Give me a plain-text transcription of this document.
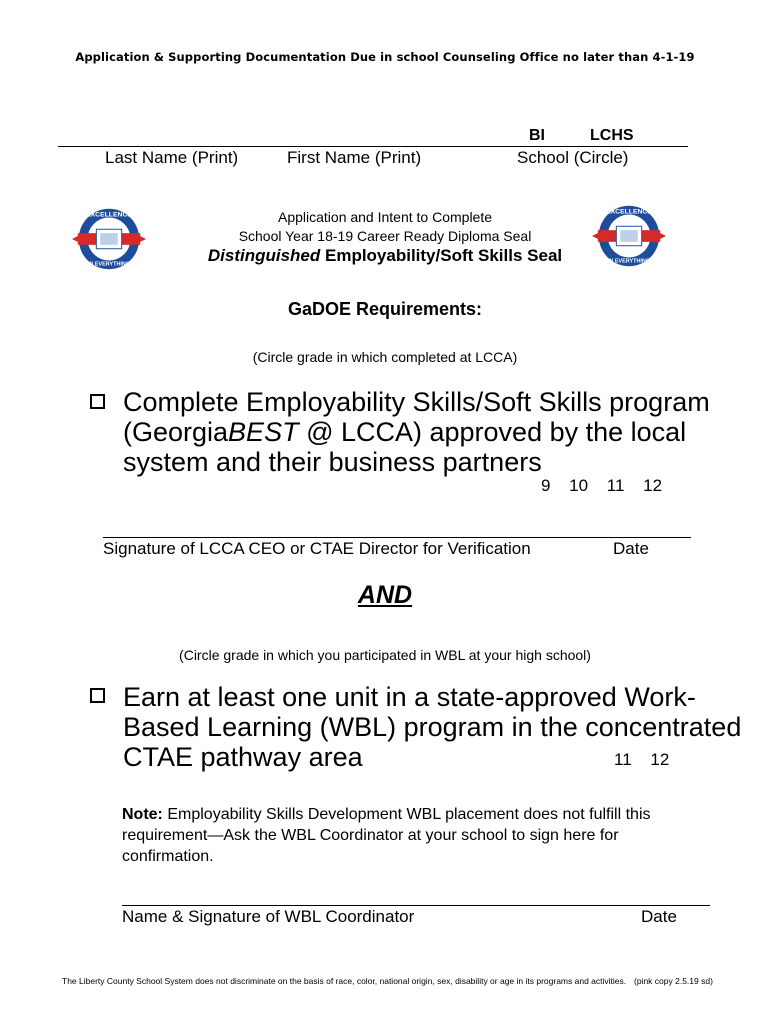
Application & Supporting Documentation Due in school Counseling Office no later than 4-1-19
Last Name (Print)	First Name (Print)
BI	LCHS
School (Circle)
EXCELLENCE
IN EVERYTHING
EXCELLENCE
IN EVERYTHING
Application and Intent to Complete
School Year 18-19 Career Ready Diploma Seal
Distinguished Employability/Soft Skills Seal
GaDOE Requirements:
(Circle grade in which completed at LCCA)
Complete Employability Skills/Soft Skills program
(GeorgiaBEST @ LCCA) approved by the local
system and their business partners
9 10 11 12
Signature of LCCA CEO or CTAE Director for Verification	Date
AND
(Circle grade in which you participated in WBL at your high school)
Earn at least one unit in a state-approved Work-
Based Learning (WBL) program in the concentrated
CTAE pathway area	11 12
Note: Employability Skills Development WBL placement does not fulfill this
requirement—Ask the WBL Coordinator at your school to sign here for
confirmation.
Name & Signature of WBL Coordinator	Date
The Liberty County School System does not discriminate on the basis of race, color, national origin, sex, disability or age in its programs and activities. (pink copy 2.5.19 sd)
